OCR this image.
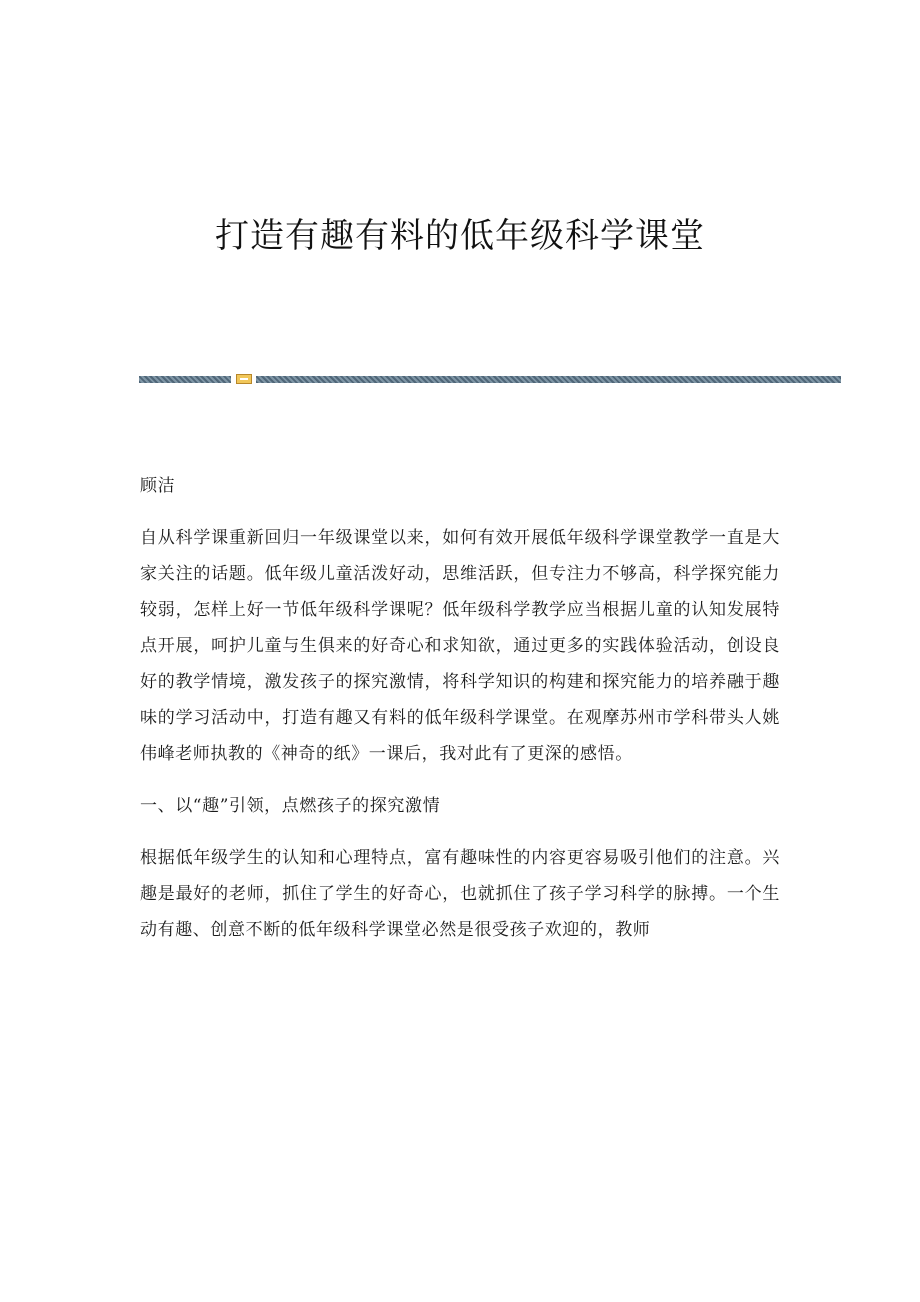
打造有趣有料的低年级科学课堂

顾洁

自从科学课重新回归一年级课堂以来，如何有效开展低年级科学课堂教学一直是大家关注的话题。低年级儿童活泼好动，思维活跃，但专注力不够高，科学探究能力较弱，怎样上好一节低年级科学课呢？低年级科学教学应当根据儿童的认知发展特点开展，呵护儿童与生俱来的好奇心和求知欲，通过更多的实践体验活动，创设良好的教学情境，激发孩子的探究激情，将科学知识的构建和探究能力的培养融于趣味的学习活动中，打造有趣又有料的低年级科学课堂。在观摩苏州市学科带头人姚伟峰老师执教的《神奇的纸》一课后，我对此有了更深的感悟。

一、以“趣”引领，点燃孩子的探究激情

根据低年级学生的认知和心理特点，富有趣味性的内容更容易吸引他们的注意。兴趣是最好的老师，抓住了学生的好奇心，也就抓住了孩子学习科学的脉搏。一个生动有趣、创意不断的低年级科学课堂必然是很受孩子欢迎的，教师
